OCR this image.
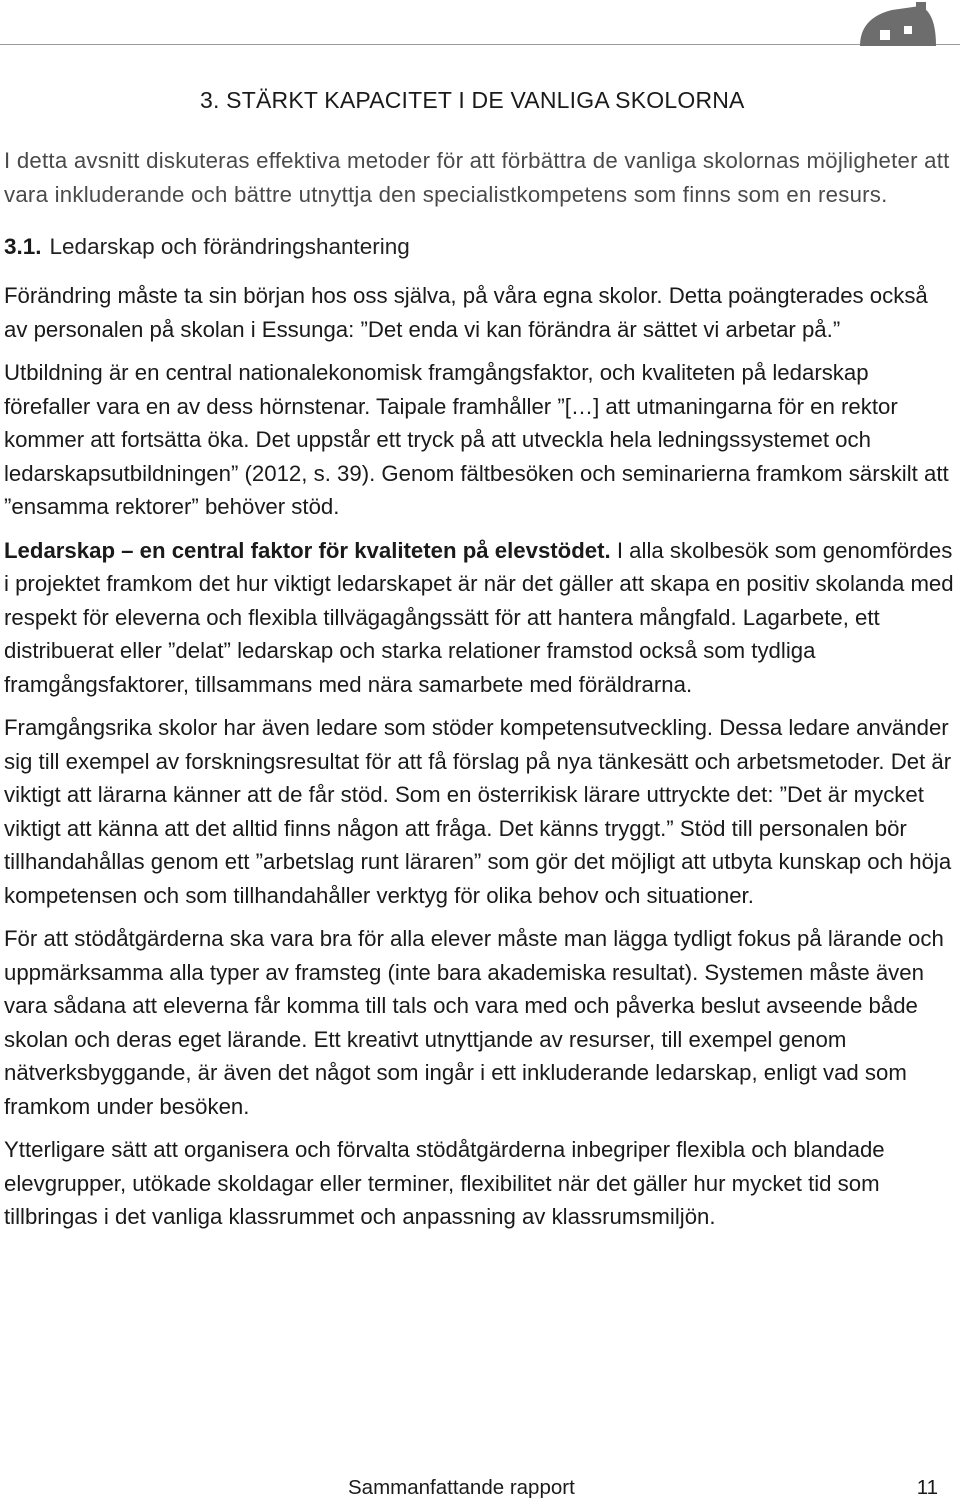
3. STÄRKT KAPACITET I DE VANLIGA SKOLORNA

I detta avsnitt diskuteras effektiva metoder för att förbättra de vanliga skolornas möjligheter att vara inkluderande och bättre utnyttja den specialistkompetens som finns som en resurs.

3.1. Ledarskap och förändringshantering

Förändring måste ta sin början hos oss själva, på våra egna skolor. Detta poängterades också av personalen på skolan i Essunga: ”Det enda vi kan förändra är sättet vi arbetar på.”

Utbildning är en central nationalekonomisk framgångsfaktor, och kvaliteten på ledarskap förefaller vara en av dess hörnstenar. Taipale framhåller ”[…] att utmaningarna för en rektor kommer att fortsätta öka. Det uppstår ett tryck på att utveckla hela ledningssystemet och ledarskapsutbildningen” (2012, s. 39). Genom fältbesöken och seminarierna framkom särskilt att ”ensamma rektorer” behöver stöd.

Ledarskap – en central faktor för kvaliteten på elevstödet. I alla skolbesök som genomfördes i projektet framkom det hur viktigt ledarskapet är när det gäller att skapa en positiv skolanda med respekt för eleverna och flexibla tillvägagångssätt för att hantera mångfald. Lagarbete, ett distribuerat eller ”delat” ledarskap och starka relationer framstod också som tydliga framgångsfaktorer, tillsammans med nära samarbete med föräldrarna.

Framgångsrika skolor har även ledare som stöder kompetensutveckling. Dessa ledare använder sig till exempel av forskningsresultat för att få förslag på nya tänkesätt och arbetsmetoder. Det är viktigt att lärarna känner att de får stöd. Som en österrikisk lärare uttryckte det: ”Det är mycket viktigt att känna att det alltid finns någon att fråga. Det känns tryggt.” Stöd till personalen bör tillhandahållas genom ett ”arbetslag runt läraren” som gör det möjligt att utbyta kunskap och höja kompetensen och som tillhandahåller verktyg för olika behov och situationer.

För att stödåtgärderna ska vara bra för alla elever måste man lägga tydligt fokus på lärande och uppmärksamma alla typer av framsteg (inte bara akademiska resultat). Systemen måste även vara sådana att eleverna får komma till tals och vara med och påverka beslut avseende både skolan och deras eget lärande. Ett kreativt utnyttjande av resurser, till exempel genom nätverksbyggande, är även det något som ingår i ett inkluderande ledarskap, enligt vad som framkom under besöken.

Ytterligare sätt att organisera och förvalta stödåtgärderna inbegriper flexibla och blandade elevgrupper, utökade skoldagar eller terminer, flexibilitet när det gäller hur mycket tid som tillbringas i det vanliga klassrummet och anpassning av klassrumsmiljön.

Sammanfattande rapport	11
